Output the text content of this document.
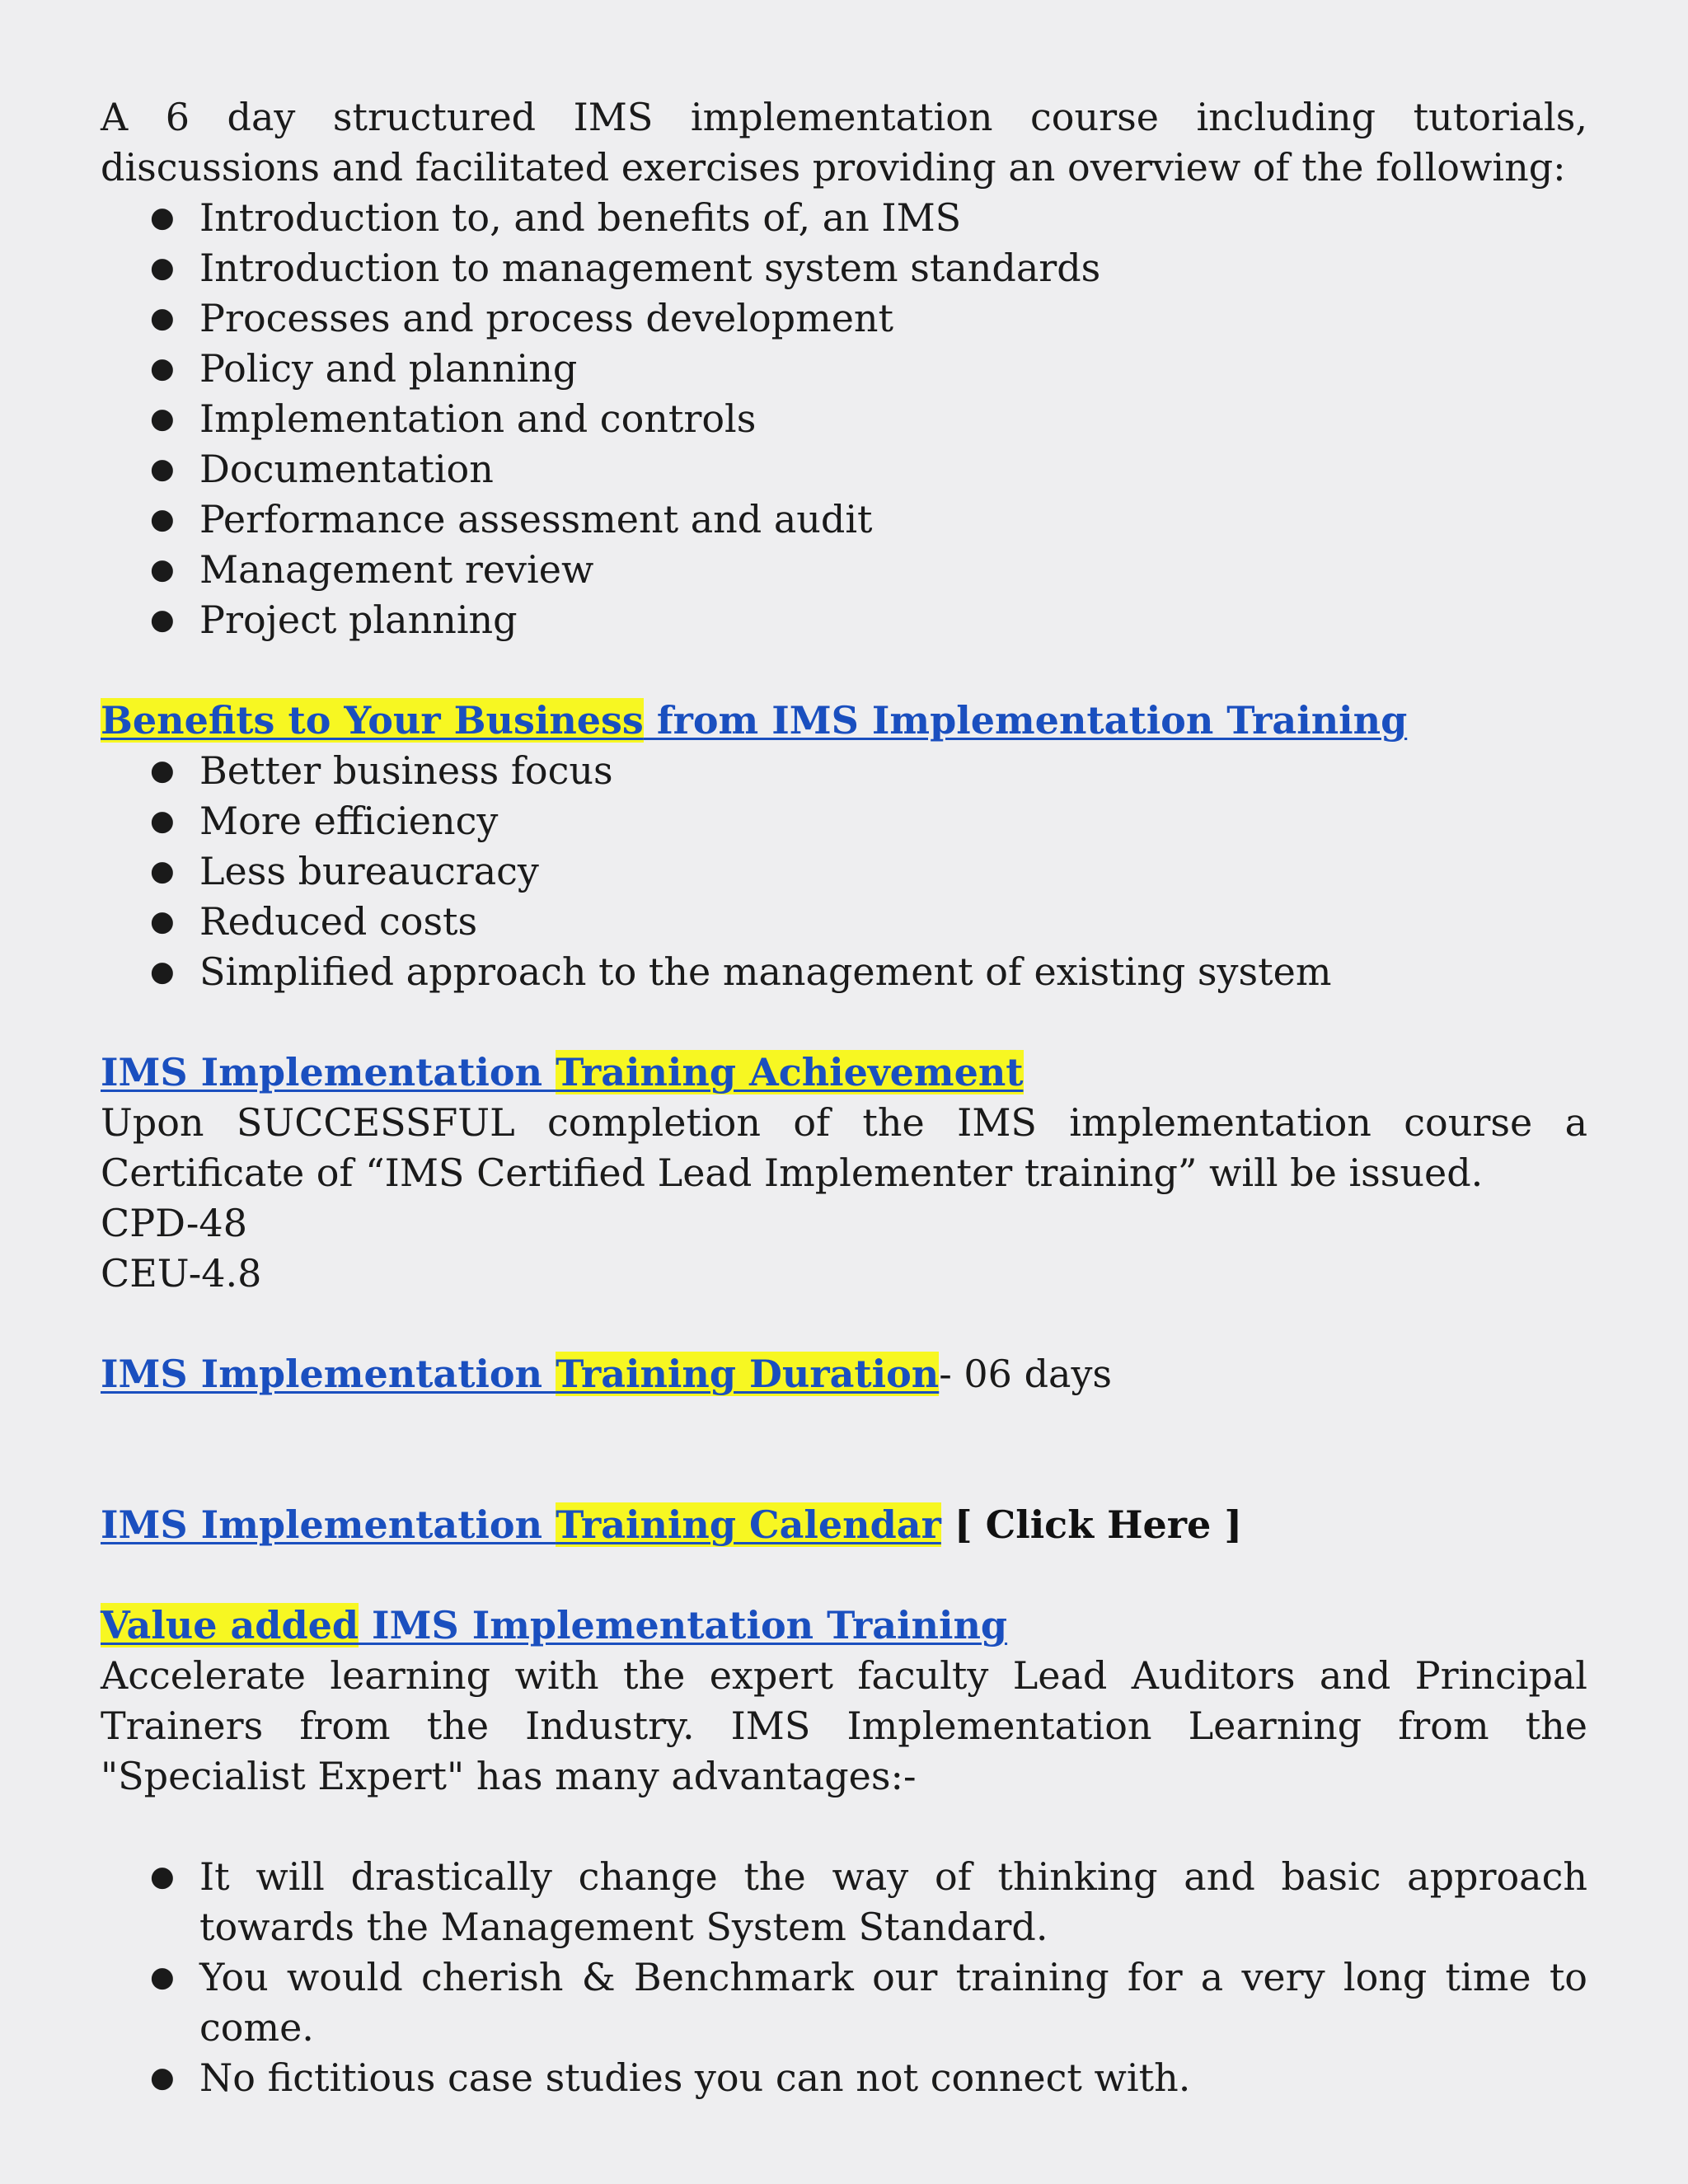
A 6 day structured IMS implementation course including tutorials, discussions and facilitated exercises providing an overview of the following:

● Introduction to, and benefits of, an IMS
● Introduction to management system standards
● Processes and process development
● Policy and planning
● Implementation and controls
● Documentation
● Performance assessment and audit
● Management review
● Project planning

Benefits to Your Business from IMS Implementation Training

● Better business focus
● More efficiency
● Less bureaucracy
● Reduced costs
● Simplified approach to the management of existing system

IMS Implementation Training Achievement

Upon SUCCESSFUL completion of the IMS implementation course a Certificate of “IMS Certified Lead Implementer training” will be issued.

CPD-48

CEU-4.8

IMS Implementation Training Duration- 06 days

IMS Implementation Training Calendar [ Click Here ]

Value added IMS Implementation Training

Accelerate learning with the expert faculty Lead Auditors and Principal Trainers from the Industry. IMS Implementation Learning from the "Specialist Expert" has many advantages:-

● It will drastically change the way of thinking and basic approach towards the Management System Standard.
● You would cherish & Benchmark our training for a very long time to come.
● No fictitious case studies you can not connect with.
